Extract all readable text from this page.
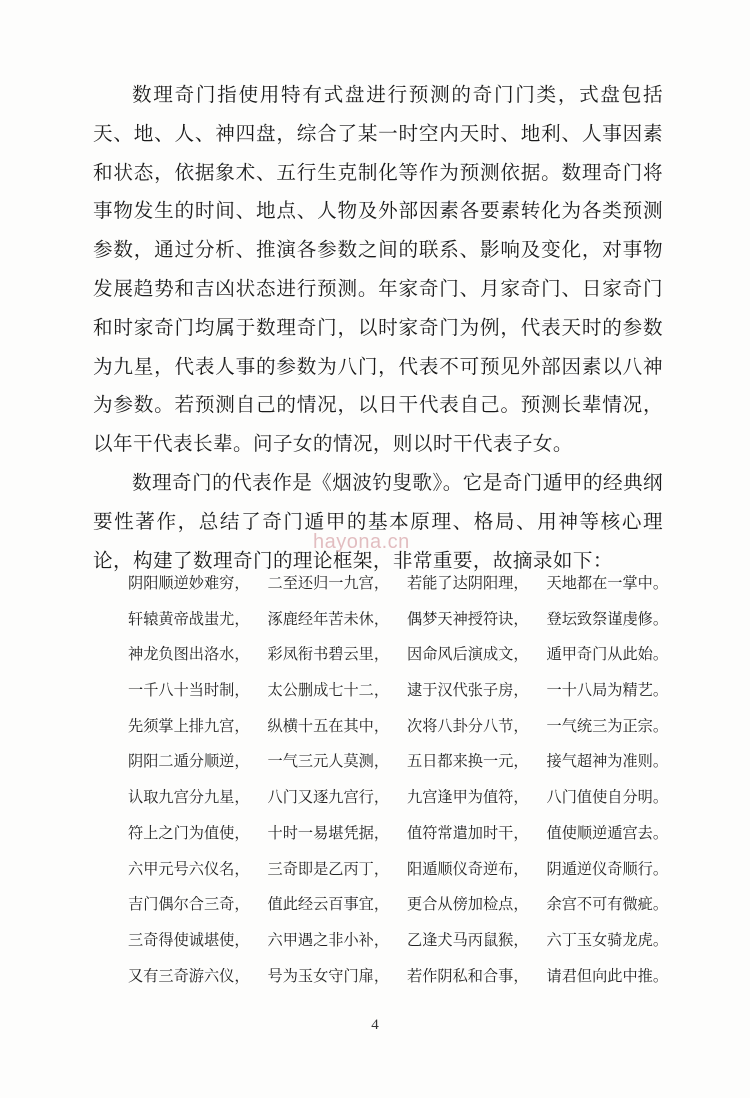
数理奇门指使用特有式盘进行预测的奇门门类，式盘包括天、地、人、神四盘，综合了某一时空内天时、地利、人事因素和状态，依据象术、五行生克制化等作为预测依据。数理奇门将事物发生的时间、地点、人物及外部因素各要素转化为各类预测参数，通过分析、推演各参数之间的联系、影响及变化，对事物发展趋势和吉凶状态进行预测。年家奇门、月家奇门、日家奇门和时家奇门均属于数理奇门，以时家奇门为例，代表天时的参数为九星，代表人事的参数为八门，代表不可预见外部因素以八神为参数。若预测自己的情况，以日干代表自己。预测长辈情况，以年干代表长辈。问子女的情况，则以时干代表子女。

数理奇门的代表作是《烟波钓叟歌》。它是奇门遁甲的经典纲要性著作，总结了奇门遁甲的基本原理、格局、用神等核心理论，构建了数理奇门的理论框架，非常重要，故摘录如下：

hayona.cn
阴阳顺逆妙难穷， 二至还归一九宫， 若能了达阴阳理， 天地都在一掌中。
轩辕黄帝战蚩尤， 涿鹿经年苦未休， 偶梦天神授符诀， 登坛致祭谨虔修。
神龙负图出洛水， 彩凤衔书碧云里， 因命风后演成文， 遁甲奇门从此始。
一千八十当时制， 太公删成七十二， 逮于汉代张子房， 一十八局为精艺。
先须掌上排九宫， 纵横十五在其中， 次将八卦分八节， 一气统三为正宗。
阴阳二遁分顺逆， 一气三元人莫测， 五日都来换一元， 接气超神为准则。
认取九宫分九星， 八门又逐九宫行， 九宫逢甲为值符， 八门值使自分明。
符上之门为值使， 十时一易堪凭据， 值符常遣加时干， 值使顺逆遁宫去。
六甲元号六仪名， 三奇即是乙丙丁， 阳遁顺仪奇逆布， 阴遁逆仪奇顺行。
吉门偶尔合三奇， 值此经云百事宜， 更合从傍加检点， 余宫不可有微疵。
三奇得使诚堪使， 六甲遇之非小补， 乙逢犬马丙鼠猴， 六丁玉女骑龙虎。
又有三奇游六仪， 号为玉女守门扉， 若作阴私和合事， 请君但向此中推。
4
